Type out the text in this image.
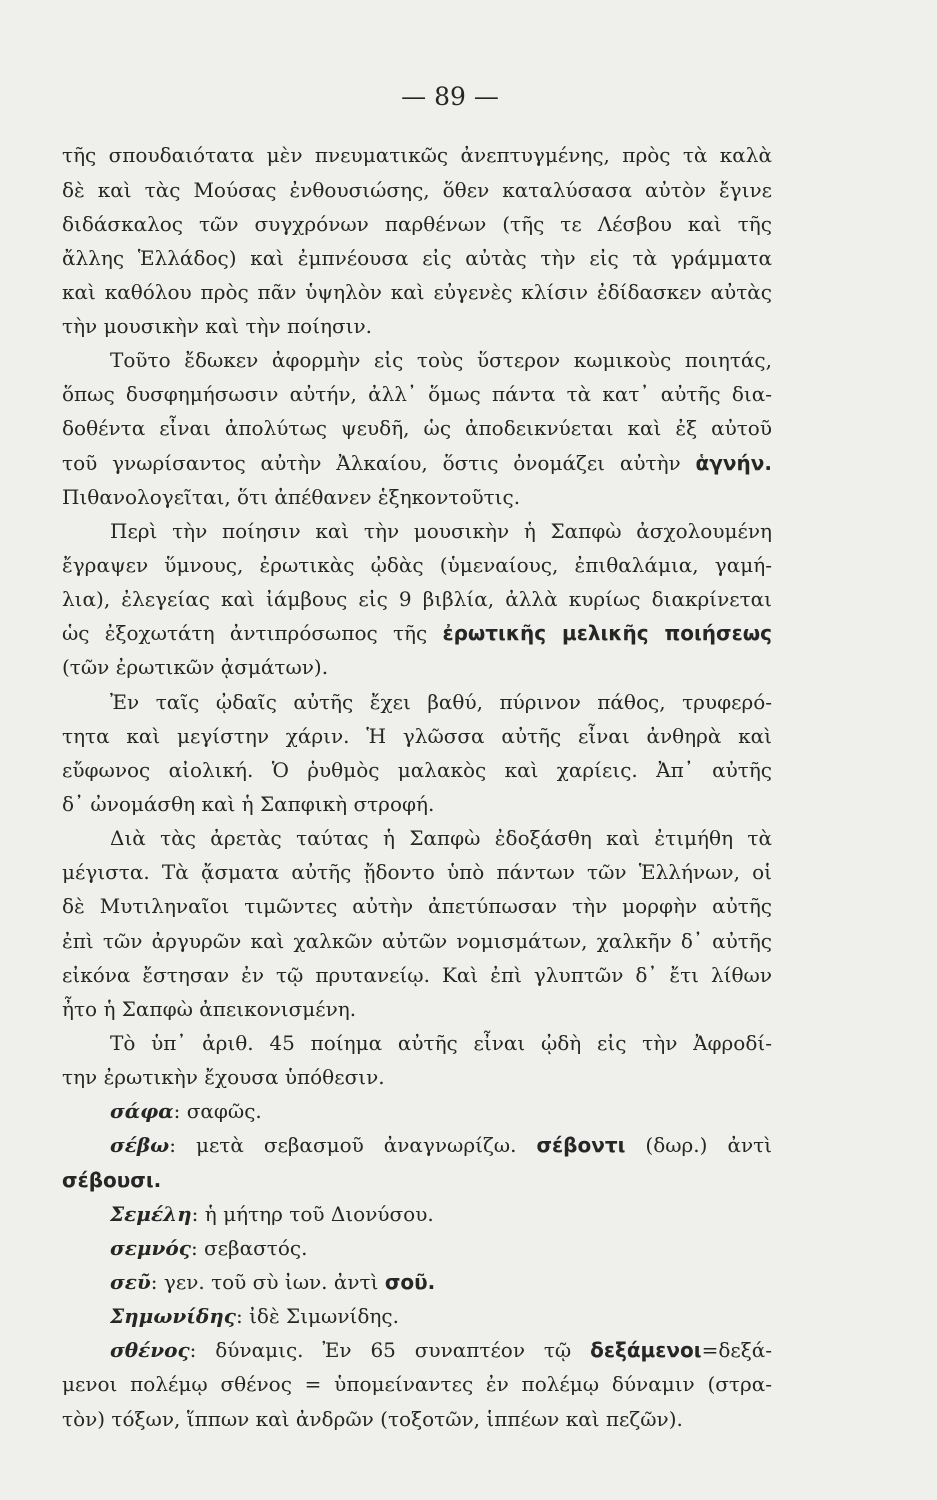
— 89 —

τῆς σπουδαιότατα μὲν πνευματικῶς ἀνεπτυγμένης, πρὸς τὰ καλὰ

δὲ καὶ τὰς Μούσας ἐνθουσιώσης, ὅθεν καταλύσασα αὐτὸν ἔγινε

διδάσκαλος τῶν συγχρόνων παρθένων (τῆς τε Λέσβου καὶ τῆς

ἄλλης Ἑλλάδος) καὶ ἐμπνέουσα εἰς αὐτὰς τὴν εἰς τὰ γράμματα

καὶ καθόλου πρὸς πᾶν ὑψηλὸν καὶ εὐγενὲς κλίσιν ἐδίδασκεν αὐτὰς

τὴν μουσικὴν καὶ τὴν ποίησιν.

Τοῦτο ἔδωκεν ἀφορμὴν εἰς τοὺς ὕστερον κωμικοὺς ποιητάς,

ὅπως δυσφημήσωσιν αὐτήν, ἀλλ᾽ ὅμως πάντα τὰ κατ᾽ αὐτῆς δια-

δοθέντα εἶναι ἀπολύτως ψευδῆ, ὡς ἀποδεικνύεται καὶ ἐξ αὐτοῦ

τοῦ γνωρίσαντος αὐτὴν Ἀλκαίου, ὅστις ὀνομάζει αὐτὴν ἁγνήν.

Πιθανολογεῖται, ὅτι ἀπέθανεν ἑξηκοντοῦτις.

Περὶ τὴν ποίησιν καὶ τὴν μουσικὴν ἡ Σαπφὼ ἀσχολουμένη

ἔγραψεν ὕμνους, ἐρωτικὰς ᾠδὰς (ὑμεναίους, ἐπιθαλάμια, γαμή-

λια), ἐλεγείας καὶ ἰάμβους εἰς 9 βιβλία, ἀλλὰ κυρίως διακρίνεται

ὡς ἐξοχωτάτη ἀντιπρόσωπος τῆς ἐρωτικῆς μελικῆς ποιήσεως

(τῶν ἐρωτικῶν ᾀσμάτων).

Ἐν ταῖς ᾠδαῖς αὐτῆς ἔχει βαθύ, πύρινον πάθος, τρυφερό-

τητα καὶ μεγίστην χάριν. Ἡ γλῶσσα αὐτῆς εἶναι ἀνθηρὰ καὶ

εὔφωνος αἰολική. Ὁ ῥυθμὸς μαλακὸς καὶ χαρίεις. Ἀπ᾽ αὐτῆς

δ᾽ ὠνομάσθη καὶ ἡ Σαπφικὴ στροφή.

Διὰ τὰς ἀρετὰς ταύτας ἡ Σαπφὼ ἐδοξάσθη καὶ ἐτιμήθη τὰ

μέγιστα. Τὰ ᾄσματα αὐτῆς ᾔδοντο ὑπὸ πάντων τῶν Ἑλλήνων, οἱ

δὲ Μυτιληναῖοι τιμῶντες αὐτὴν ἀπετύπωσαν τὴν μορφὴν αὐτῆς

ἐπὶ τῶν ἀργυρῶν καὶ χαλκῶν αὐτῶν νομισμάτων, χαλκῆν δ᾽ αὐτῆς

εἰκόνα ἔστησαν ἐν τῷ πρυτανείῳ. Καὶ ἐπὶ γλυπτῶν δ᾽ ἔτι λίθων

ἦτο ἡ Σαπφὼ ἀπεικονισμένη.

Τὸ ὑπ᾽ ἀριθ. 45 ποίημα αὐτῆς εἶναι ᾠδὴ εἰς τὴν Ἀφροδί-

την ἐρωτικὴν ἔχουσα ὑπόθεσιν.

σάφα: σαφῶς.

σέβω: μετὰ σεβασμοῦ ἀναγνωρίζω. σέβοντι (δωρ.) ἀντὶ

σέβουσι.

Σεμέλη: ἡ μήτηρ τοῦ Διονύσου.

σεμνός: σεβαστός.

σεῦ: γεν. τοῦ σὺ ἰων. ἀντὶ σοῦ.

Σημωνίδης: ἰδὲ Σιμωνίδης.

σθένος: δύναμις. Ἐν 65 συναπτέον τῷ δεξάμενοι=δεξά-

μενοι πολέμῳ σθένος = ὑπομείναντες ἐν πολέμῳ δύναμιν (στρα-

τὸν) τόξων, ἵππων καὶ ἀνδρῶν (τοξοτῶν, ἱππέων καὶ πεζῶν).
